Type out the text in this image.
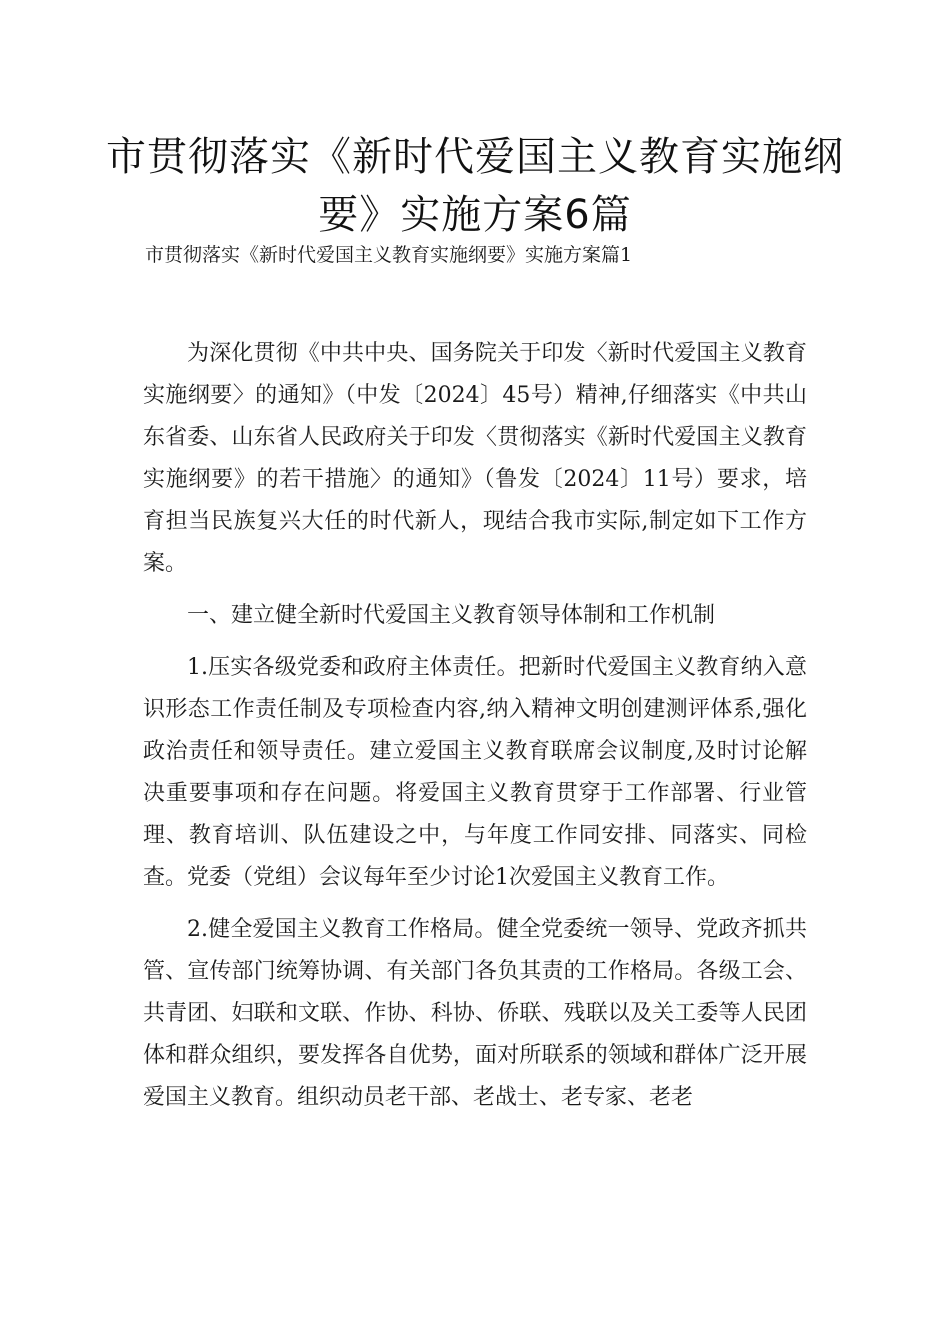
市贯彻落实《新时代爱国主义教育实施纲要》实施方案6篇

市贯彻落实《新时代爱国主义教育实施纲要》实施方案篇1

为深化贯彻《中共中央、国务院关于印发〈新时代爱国主义教育实施纲要〉的通知》（中发〔2024〕45号）精神,仔细落实《中共山东省委、山东省人民政府关于印发〈贯彻落实《新时代爱国主义教育实施纲要》的若干措施〉的通知》（鲁发〔2024〕11号）要求，培育担当民族复兴大任的时代新人，现结合我市实际,制定如下工作方案。

一、建立健全新时代爱国主义教育领导体制和工作机制

1.压实各级党委和政府主体责任。把新时代爱国主义教育纳入意识形态工作责任制及专项检查内容,纳入精神文明创建测评体系,强化政治责任和领导责任。建立爱国主义教育联席会议制度,及时讨论解决重要事项和存在问题。将爱国主义教育贯穿于工作部署、行业管理、教育培训、队伍建设之中，与年度工作同安排、同落实、同检查。党委（党组）会议每年至少讨论1次爱国主义教育工作。

2.健全爱国主义教育工作格局。健全党委统一领导、党政齐抓共管、宣传部门统筹协调、有关部门各负其责的工作格局。各级工会、共青团、妇联和文联、作协、科协、侨联、残联以及关工委等人民团体和群众组织，要发挥各自优势，面对所联系的领域和群体广泛开展爱国主义教育。组织动员老干部、老战士、老专家、老老
